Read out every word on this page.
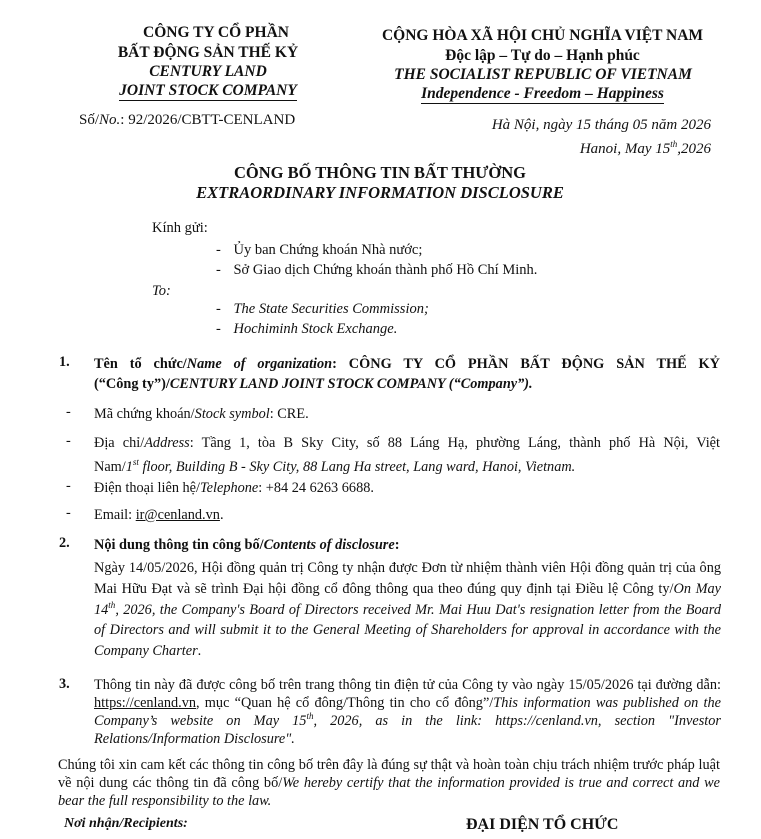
CÔNG TY CỔ PHẦN
BẤT ĐỘNG SẢN THẾ KỶ
CENTURY LAND
JOINT STOCK COMPANY
CỘNG HÒA XÃ HỘI CHỦ NGHĨA VIỆT NAM
Độc lập – Tự do – Hạnh phúc
THE SOCIALIST REPUBLIC OF VIETNAM
Independence - Freedom – Happiness
Số/No.: 92/2026/CBTT-CENLAND	Hà Nội, ngày 15 tháng 05 năm 2026
Hanoi, May 15th,2026
CÔNG BỐ THÔNG TIN BẤT THƯỜNG
EXTRAORDINARY INFORMATION DISCLOSURE
Kính gửi:
- Ủy ban Chứng khoán Nhà nước;
- Sở Giao dịch Chứng khoán thành phố Hồ Chí Minh.
To:
- The State Securities Commission;
- Hochiminh Stock Exchange.
1. Tên tổ chức/Name of organization: CÔNG TY CỔ PHẦN BẤT ĐỘNG SẢN THẾ KỶ
(“Công ty”)/CENTURY LAND JOINT STOCK COMPANY (“Company”).
- Mã chứng khoán/Stock symbol: CRE.
- Địa chỉ/Address: Tầng 1, tòa B Sky City, số 88 Láng Hạ, phường Láng, thành phố Hà Nội, Việt
Nam/1st floor, Building B - Sky City, 88 Lang Ha street, Lang ward, Hanoi, Vietnam.
- Điện thoại liên hệ/Telephone: +84 24 6263 6688.
- Email: ir@cenland.vn.
2. Nội dung thông tin công bố/Contents of disclosure:
Ngày 14/05/2026, Hội đồng quản trị Công ty nhận được Đơn từ nhiệm thành viên Hội đồng quản trị của ông Mai Hữu Đạt và sẽ trình Đại hội đồng cổ đông thông qua theo đúng quy định tại Điều lệ Công ty/On May 14th, 2026, the Company's Board of Directors received Mr. Mai Huu Dat's resignation letter from the Board of Directors and will submit it to the General Meeting of Shareholders for approval in accordance with the Company Charter.
3. Thông tin này đã được công bố trên trang thông tin điện tử của Công ty vào ngày 15/05/2026 tại đường dẫn: https://cenland.vn, mục “Quan hệ cổ đông/Thông tin cho cổ đông”/This information was published on the Company’s website on May 15th, 2026, as in the link: https://cenland.vn, section "Investor Relations/Information Disclosure".
Chúng tôi xin cam kết các thông tin công bố trên đây là đúng sự thật và hoàn toàn chịu trách nhiệm trước pháp luật về nội dung các thông tin đã công bố/We hereby certify that the information provided is true and correct and we bear the full responsibility to the law.
Nơi nhận/Recipients:	ĐẠI DIỆN TỔ CHỨC
